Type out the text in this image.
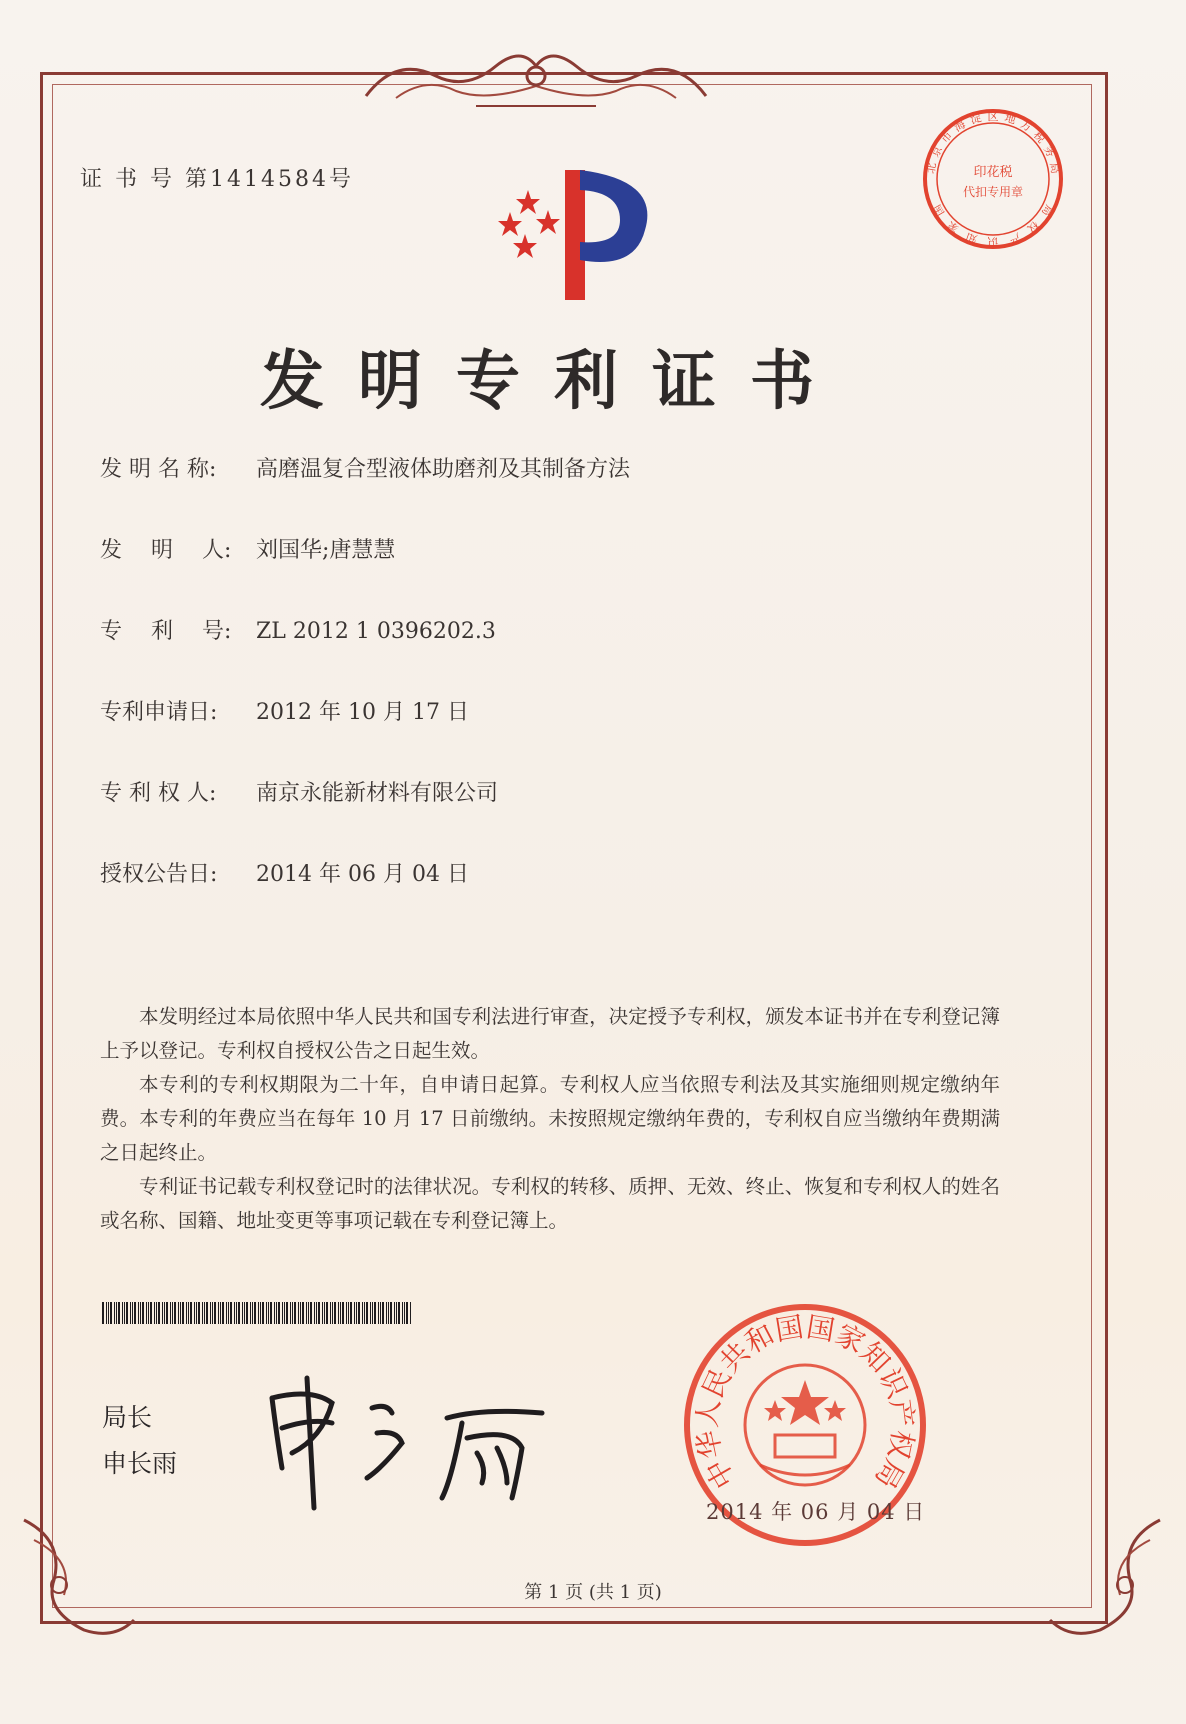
证 书 号 第1414584号	印花税
代扣专用章
北
京
市
海 淀 区 地 方
税
务
局
国
家
知 识 产
权
局
发明专利证书
发 明 名 称: 高磨温复合型液体助磨剂及其制备方法
发　 明　 人: 刘国华;唐慧慧
专　 利　 号: ZL 2012 1 0396202.3
专利申请日: 2012 年 10 月 17 日
专 利 权 人: 南京永能新材料有限公司
授权公告日: 2014 年 06 月 04 日

本发明经过本局依照中华人民共和国专利法进行审查，决定授予专利权，颁发本证书并在专利登记簿上予以登记。专利权自授权公告之日起生效。

本专利的专利权期限为二十年，自申请日起算。专利权人应当依照专利法及其实施细则规定缴纳年费。本专利的年费应当在每年 10 月 17 日前缴纳。未按照规定缴纳年费的，专利权自应当缴纳年费期满之日起终止。

专利证书记载专利权登记时的法律状况。专利权的转移、质押、无效、终止、恢复和专利权人的姓名或名称、国籍、地址变更等事项记载在专利登记簿上。

局长
申长雨	中
华
人
民
共
和
国
国
家
知
识
产
权
局
2014 年 06 月 04 日
第 1 页 (共 1 页)
